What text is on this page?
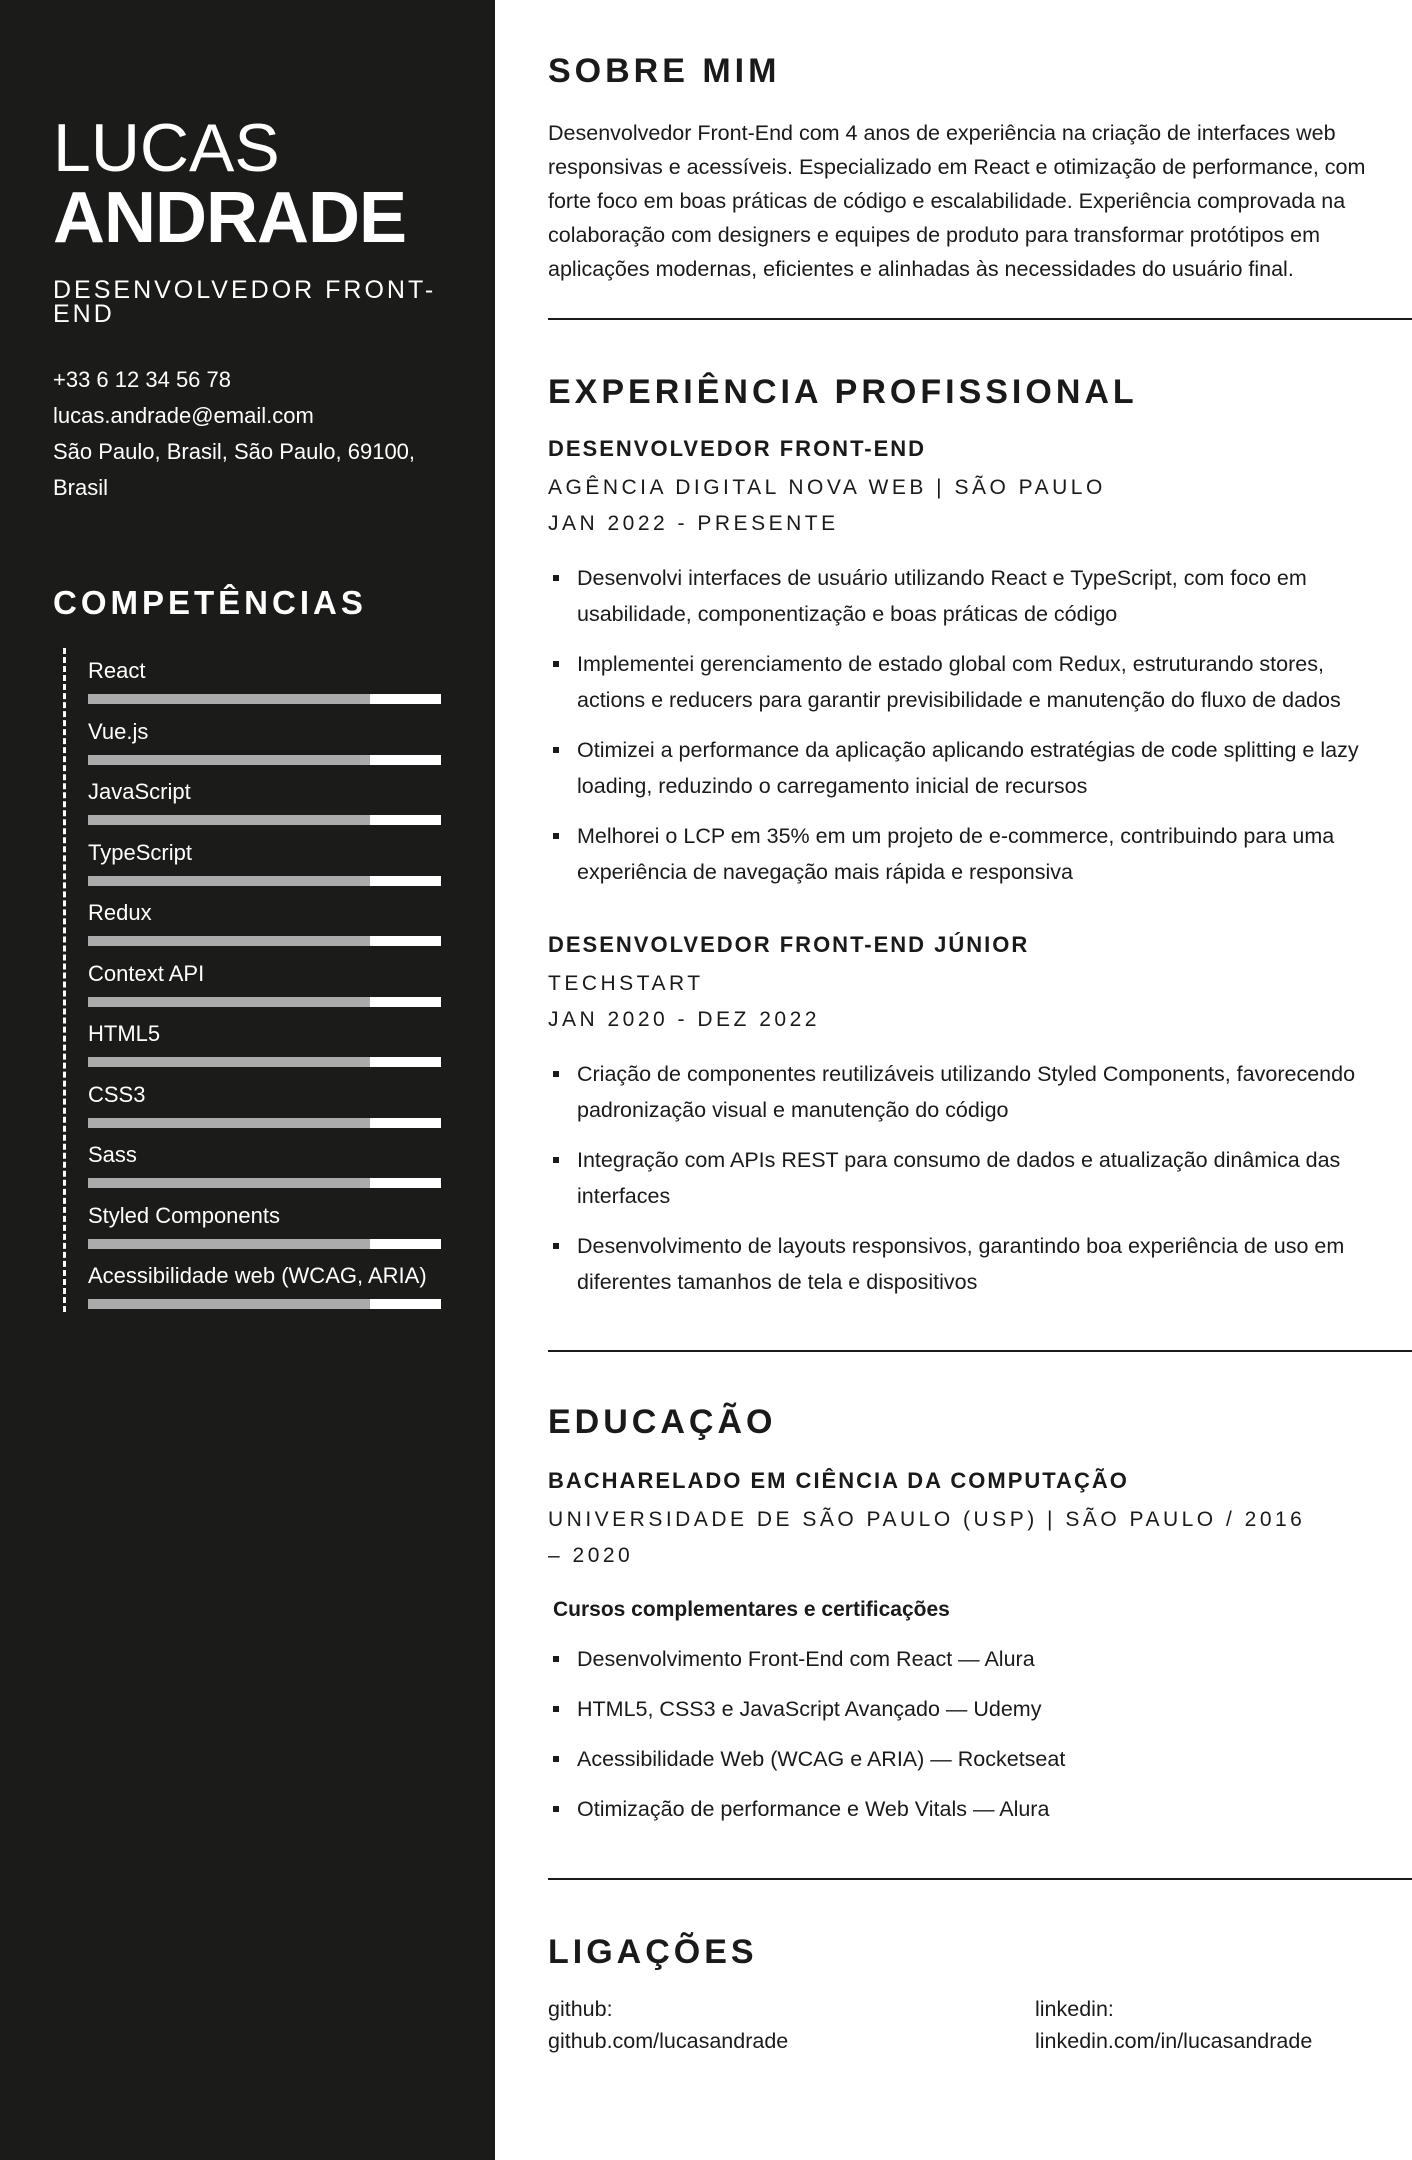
LUCAS
ANDRADE
DESENVOLVEDOR FRONT-END
+33 6 12 34 56 78
lucas.andrade@email.com
São Paulo, Brasil, São Paulo, 69100, Brasil
COMPETÊNCIAS
React
Vue.js
JavaScript
TypeScript
Redux
Context API
HTML5
CSS3
Sass
Styled Components
Acessibilidade web (WCAG, ARIA)
SOBRE MIM
Desenvolvedor Front-End com 4 anos de experiência na criação de interfaces web responsivas e acessíveis. Especializado em React e otimização de performance, com forte foco em boas práticas de código e escalabilidade. Experiência comprovada na colaboração com designers e equipes de produto para transformar protótipos em aplicações modernas, eficientes e alinhadas às necessidades do usuário final.
EXPERIÊNCIA PROFISSIONAL
DESENVOLVEDOR FRONT-END
AGÊNCIA DIGITAL NOVA WEB | SÃO PAULO
JAN 2022 - PRESENTE
Desenvolvi interfaces de usuário utilizando React e TypeScript, com foco em usabilidade, componentização e boas práticas de código
Implementei gerenciamento de estado global com Redux, estruturando stores, actions e reducers para garantir previsibilidade e manutenção do fluxo de dados
Otimizei a performance da aplicação aplicando estratégias de code splitting e lazy loading, reduzindo o carregamento inicial de recursos
Melhorei o LCP em 35% em um projeto de e-commerce, contribuindo para uma experiência de navegação mais rápida e responsiva
DESENVOLVEDOR FRONT-END JÚNIOR
TECHSTART
JAN 2020 - DEZ 2022
Criação de componentes reutilizáveis utilizando Styled Components, favorecendo padronização visual e manutenção do código
Integração com APIs REST para consumo de dados e atualização dinâmica das interfaces
Desenvolvimento de layouts responsivos, garantindo boa experiência de uso em diferentes tamanhos de tela e dispositivos
EDUCAÇÃO
BACHARELADO EM CIÊNCIA DA COMPUTAÇÃO
UNIVERSIDADE DE SÃO PAULO (USP) | SÃO PAULO / 2016 – 2020
Cursos complementares e certificações
Desenvolvimento Front-End com React — Alura
HTML5, CSS3 e JavaScript Avançado — Udemy
Acessibilidade Web (WCAG e ARIA) — Rocketseat
Otimização de performance e Web Vitals — Alura
LIGAÇÕES
github:
github.com/lucasandrade
linkedin:
linkedin.com/in/lucasandrade
